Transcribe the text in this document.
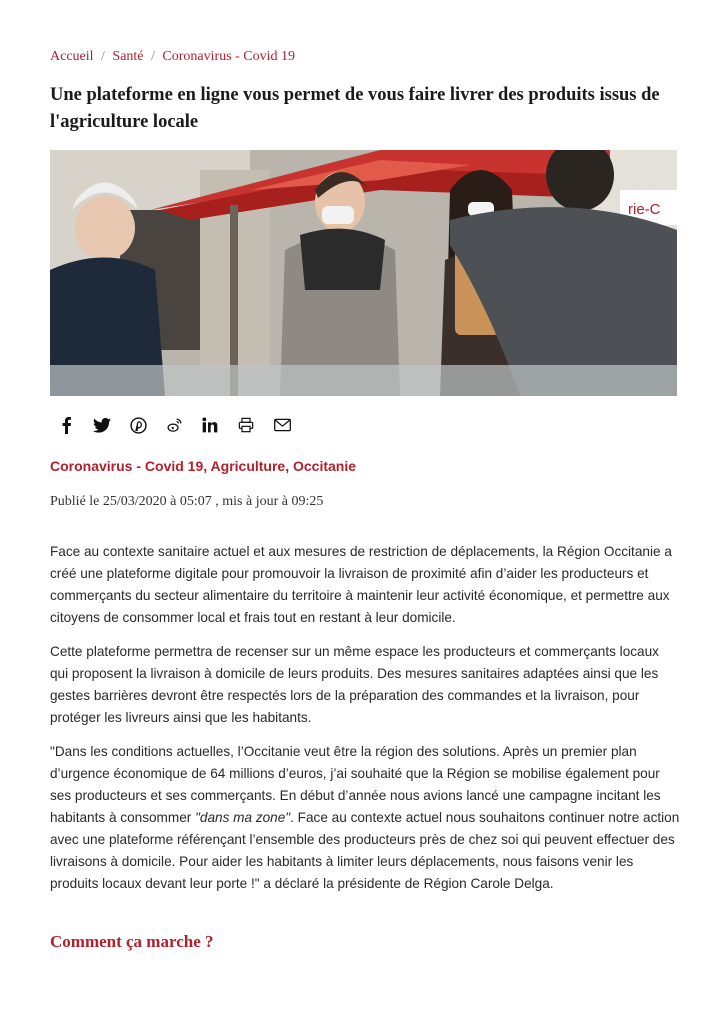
Accueil / Santé / Coronavirus - Covid 19
Une plateforme en ligne vous permet de vous faire livrer des produits issus de l'agriculture locale
rie-C
Coronavirus - Covid 19, Agriculture, Occitanie
Publié le 25/03/2020 à 05:07 , mis à jour à 09:25

Face au contexte sanitaire actuel et aux mesures de restriction de déplacements, la Région Occitanie a créé une plateforme digitale pour promouvoir la livraison de proximité afin d’aider les producteurs et commerçants du secteur alimentaire du territoire à maintenir leur activité économique, et permettre aux citoyens de consommer local et frais tout en restant à leur domicile.

Cette plateforme permettra de recenser sur un même espace les producteurs et commerçants locaux qui proposent la livraison à domicile de leurs produits. Des mesures sanitaires adaptées ainsi que les gestes barrières devront être respectés lors de la préparation des commandes et la livraison, pour protéger les livreurs ainsi que les habitants.

"Dans les conditions actuelles, l’Occitanie veut être la région des solutions. Après un premier plan d’urgence économique de 64 millions d’euros, j’ai souhaité que la Région se mobilise également pour ses producteurs et ses commerçants. En début d’année nous avions lancé une campagne incitant les habitants à consommer "dans ma zone". Face au contexte actuel nous souhaitons continuer notre action avec une plateforme référençant l’ensemble des producteurs près de chez soi qui peuvent effectuer des livraisons à domicile. Pour aider les habitants à limiter leurs déplacements, nous faisons venir les produits locaux devant leur porte !" a déclaré la présidente de Région Carole Delga.

Comment ça marche ?
